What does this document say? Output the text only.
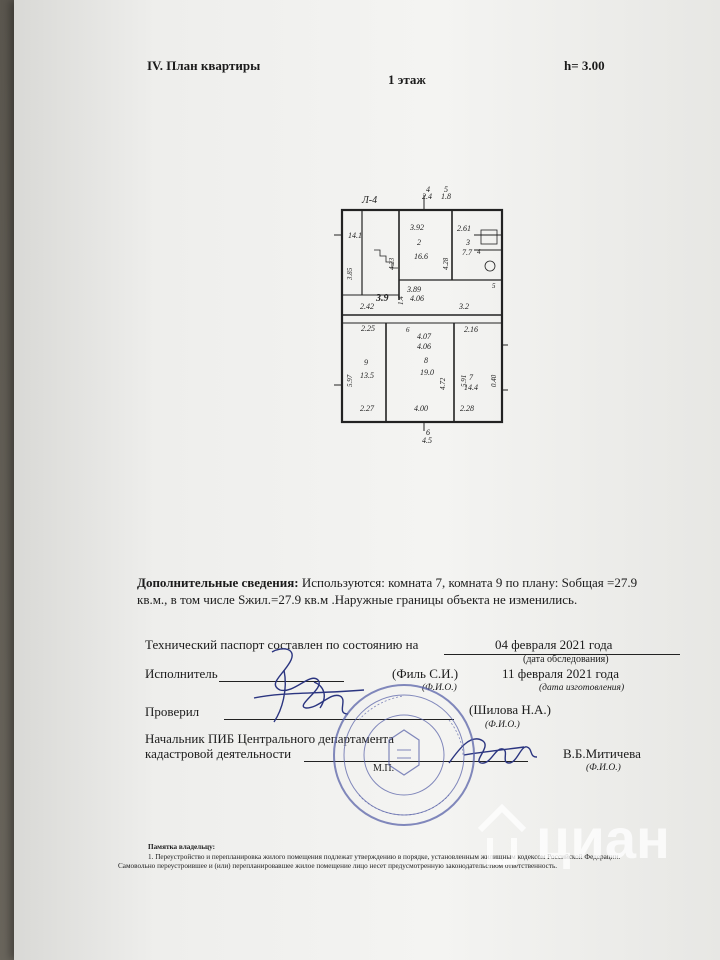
IV. План квартиры	h= 3.00
1 этаж
4
2.4
5
1.8
Л-4
3.92	2.61
14.1
2
16.6
3
7.7 4
5
3.89
4.06
3.9
2.42	3.2
2.25	6
4.07
4.06
2.16
8
19.0
9
13.5	7
14.4
2.27	4.00	2.28
6
4.5
3.85
4.23	4.28
1.4
5.97	4.72 5.91	0.40
Дополнительные сведения: Используются: комната 7, комната 9 по плану: Sобщая =27.9
кв.м., в том числе Sжил.=27.9 кв.м .Наружные границы объекта не изменились.
Технический паспорт составлен по состоянию на	04 февраля 2021 года
(дата обследования)
Исполнитель	(Филь С.И.)
(Ф.И.О.)
11 февраля 2021 года
(дата изготовления)
Проверил	(Шилова Н.А.)
(Ф.И.О.)
Начальник ПИБ Центрального департамента
кадастровой деятельности
М.П.
В.Б.Митичева
(Ф.И.О.)
Памятка владельцу:
1. Переустройство и перепланировка жилого помещения подлежат утверждению в порядке, установленным жилищным кодексом Российской Федерации.
Самовольно переустроившее и (или) перепланировавшее жилое помещение лицо несет предусмотренную законодательством ответственность.
циан
